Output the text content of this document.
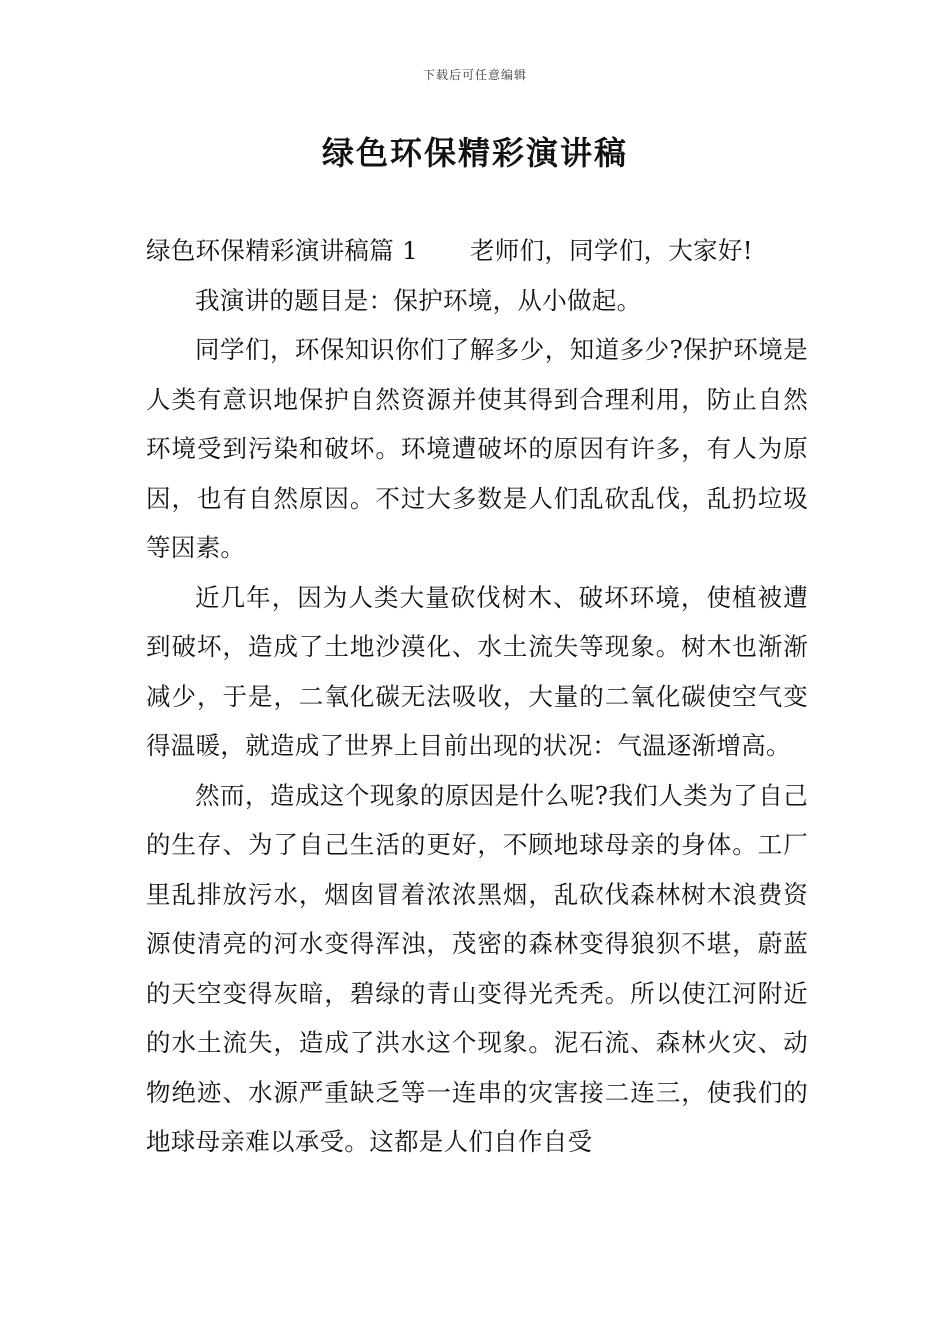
下载后可任意编辑
绿色环保精彩演讲稿

绿色环保精彩演讲稿篇 1 老师们，同学们，大家好!

我演讲的题目是：保护环境，从小做起。

同学们，环保知识你们了解多少，知道多少?保护环境是人类有意识地保护自然资源并使其得到合理利用，防止自然环境受到污染和破坏。环境遭破坏的原因有许多，有人为原因，也有自然原因。不过大多数是人们乱砍乱伐，乱扔垃圾等因素。

近几年，因为人类大量砍伐树木、破坏环境，使植被遭到破坏，造成了土地沙漠化、水土流失等现象。树木也渐渐减少，于是，二氧化碳无法吸收，大量的二氧化碳使空气变得温暖，就造成了世界上目前出现的状况：气温逐渐增高。

然而，造成这个现象的原因是什么呢?我们人类为了自己的生存、为了自己生活的更好，不顾地球母亲的身体。工厂里乱排放污水，烟囱冒着浓浓黑烟，乱砍伐森林树木浪费资源使清亮的河水变得浑浊，茂密的森林变得狼狈不堪，蔚蓝的天空变得灰暗，碧绿的青山变得光秃秃。所以使江河附近的水土流失，造成了洪水这个现象。泥石流、森林火灾、动物绝迹、水源严重缺乏等一连串的灾害接二连三，使我们的地球母亲难以承受。这都是人们自作自受
